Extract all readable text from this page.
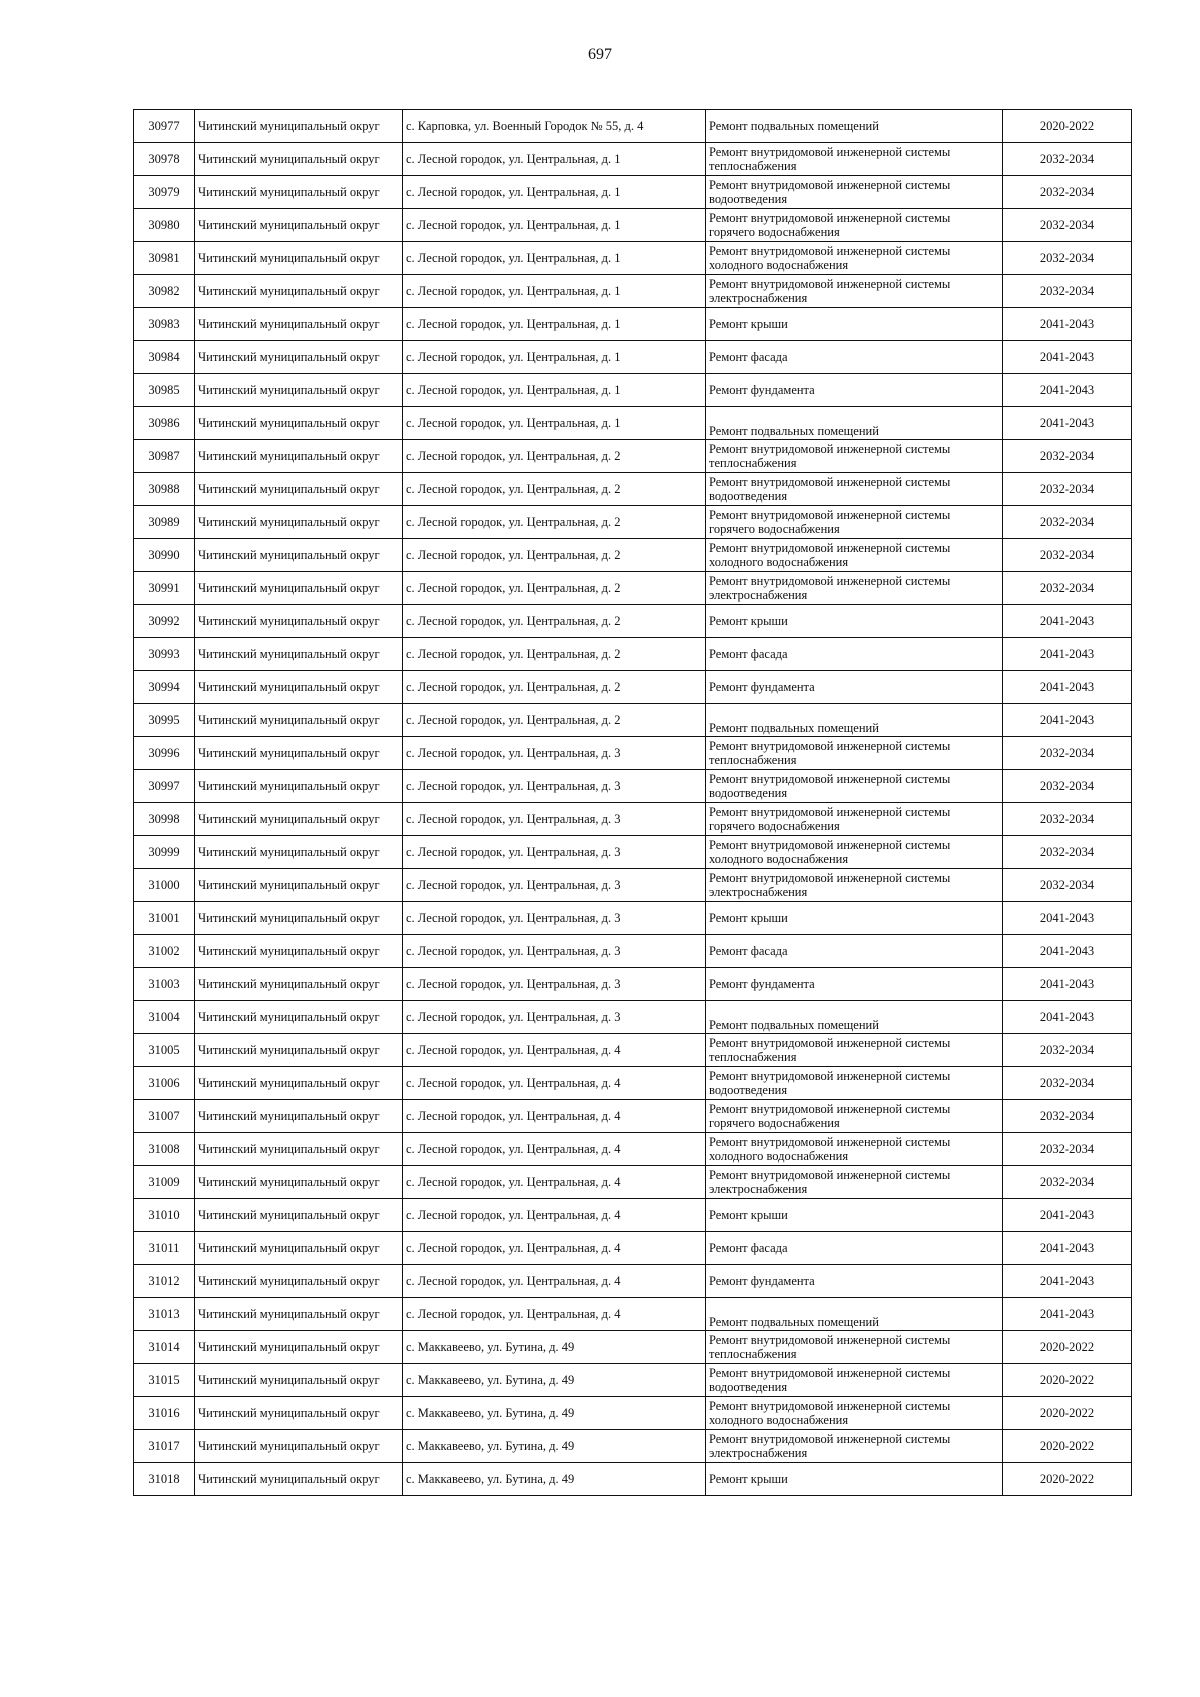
697
30977	Читинский муниципальный округ	с. Карповка, ул. Военный Городок № 55, д. 4	Ремонт подвальных помещений	2020-2022
30978	Читинский муниципальный округ	с. Лесной городок, ул. Центральная, д. 1	Ремонт внутридомовой инженерной системы теплоснабжения	2032-2034
30979	Читинский муниципальный округ	с. Лесной городок, ул. Центральная, д. 1	Ремонт внутридомовой инженерной системы водоотведения	2032-2034
30980	Читинский муниципальный округ	с. Лесной городок, ул. Центральная, д. 1	Ремонт внутридомовой инженерной системы горячего водоснабжения	2032-2034
30981	Читинский муниципальный округ	с. Лесной городок, ул. Центральная, д. 1	Ремонт внутридомовой инженерной системы холодного водоснабжения	2032-2034
30982	Читинский муниципальный округ	с. Лесной городок, ул. Центральная, д. 1	Ремонт внутридомовой инженерной системы электроснабжения	2032-2034
30983	Читинский муниципальный округ	с. Лесной городок, ул. Центральная, д. 1	Ремонт крыши	2041-2043
30984	Читинский муниципальный округ	с. Лесной городок, ул. Центральная, д. 1	Ремонт фасада	2041-2043
30985	Читинский муниципальный округ	с. Лесной городок, ул. Центральная, д. 1	Ремонт фундамента	2041-2043
30986	Читинский муниципальный округ	с. Лесной городок, ул. Центральная, д. 1	Ремонт подвальных помещений	2041-2043
30987	Читинский муниципальный округ	с. Лесной городок, ул. Центральная, д. 2	Ремонт внутридомовой инженерной системы теплоснабжения	2032-2034
30988	Читинский муниципальный округ	с. Лесной городок, ул. Центральная, д. 2	Ремонт внутридомовой инженерной системы водоотведения	2032-2034
30989	Читинский муниципальный округ	с. Лесной городок, ул. Центральная, д. 2	Ремонт внутридомовой инженерной системы горячего водоснабжения	2032-2034
30990	Читинский муниципальный округ	с. Лесной городок, ул. Центральная, д. 2	Ремонт внутридомовой инженерной системы холодного водоснабжения	2032-2034
30991	Читинский муниципальный округ	с. Лесной городок, ул. Центральная, д. 2	Ремонт внутридомовой инженерной системы электроснабжения	2032-2034
30992	Читинский муниципальный округ	с. Лесной городок, ул. Центральная, д. 2	Ремонт крыши	2041-2043
30993	Читинский муниципальный округ	с. Лесной городок, ул. Центральная, д. 2	Ремонт фасада	2041-2043
30994	Читинский муниципальный округ	с. Лесной городок, ул. Центральная, д. 2	Ремонт фундамента	2041-2043
30995	Читинский муниципальный округ	с. Лесной городок, ул. Центральная, д. 2	Ремонт подвальных помещений	2041-2043
30996	Читинский муниципальный округ	с. Лесной городок, ул. Центральная, д. 3	Ремонт внутридомовой инженерной системы теплоснабжения	2032-2034
30997	Читинский муниципальный округ	с. Лесной городок, ул. Центральная, д. 3	Ремонт внутридомовой инженерной системы водоотведения	2032-2034
30998	Читинский муниципальный округ	с. Лесной городок, ул. Центральная, д. 3	Ремонт внутридомовой инженерной системы горячего водоснабжения	2032-2034
30999	Читинский муниципальный округ	с. Лесной городок, ул. Центральная, д. 3	Ремонт внутридомовой инженерной системы холодного водоснабжения	2032-2034
31000	Читинский муниципальный округ	с. Лесной городок, ул. Центральная, д. 3	Ремонт внутридомовой инженерной системы электроснабжения	2032-2034
31001	Читинский муниципальный округ	с. Лесной городок, ул. Центральная, д. 3	Ремонт крыши	2041-2043
31002	Читинский муниципальный округ	с. Лесной городок, ул. Центральная, д. 3	Ремонт фасада	2041-2043
31003	Читинский муниципальный округ	с. Лесной городок, ул. Центральная, д. 3	Ремонт фундамента	2041-2043
31004	Читинский муниципальный округ	с. Лесной городок, ул. Центральная, д. 3	Ремонт подвальных помещений	2041-2043
31005	Читинский муниципальный округ	с. Лесной городок, ул. Центральная, д. 4	Ремонт внутридомовой инженерной системы теплоснабжения	2032-2034
31006	Читинский муниципальный округ	с. Лесной городок, ул. Центральная, д. 4	Ремонт внутридомовой инженерной системы водоотведения	2032-2034
31007	Читинский муниципальный округ	с. Лесной городок, ул. Центральная, д. 4	Ремонт внутридомовой инженерной системы горячего водоснабжения	2032-2034
31008	Читинский муниципальный округ	с. Лесной городок, ул. Центральная, д. 4	Ремонт внутридомовой инженерной системы холодного водоснабжения	2032-2034
31009	Читинский муниципальный округ	с. Лесной городок, ул. Центральная, д. 4	Ремонт внутридомовой инженерной системы электроснабжения	2032-2034
31010	Читинский муниципальный округ	с. Лесной городок, ул. Центральная, д. 4	Ремонт крыши	2041-2043
31011	Читинский муниципальный округ	с. Лесной городок, ул. Центральная, д. 4	Ремонт фасада	2041-2043
31012	Читинский муниципальный округ	с. Лесной городок, ул. Центральная, д. 4	Ремонт фундамента	2041-2043
31013	Читинский муниципальный округ	с. Лесной городок, ул. Центральная, д. 4	Ремонт подвальных помещений	2041-2043
31014	Читинский муниципальный округ	с. Маккавеево, ул. Бутина, д. 49	Ремонт внутридомовой инженерной системы теплоснабжения	2020-2022
31015	Читинский муниципальный округ	с. Маккавеево, ул. Бутина, д. 49	Ремонт внутридомовой инженерной системы водоотведения	2020-2022
31016	Читинский муниципальный округ	с. Маккавеево, ул. Бутина, д. 49	Ремонт внутридомовой инженерной системы холодного водоснабжения	2020-2022
31017	Читинский муниципальный округ	с. Маккавеево, ул. Бутина, д. 49	Ремонт внутридомовой инженерной системы электроснабжения	2020-2022
31018	Читинский муниципальный округ	с. Маккавеево, ул. Бутина, д. 49	Ремонт крыши	2020-2022
